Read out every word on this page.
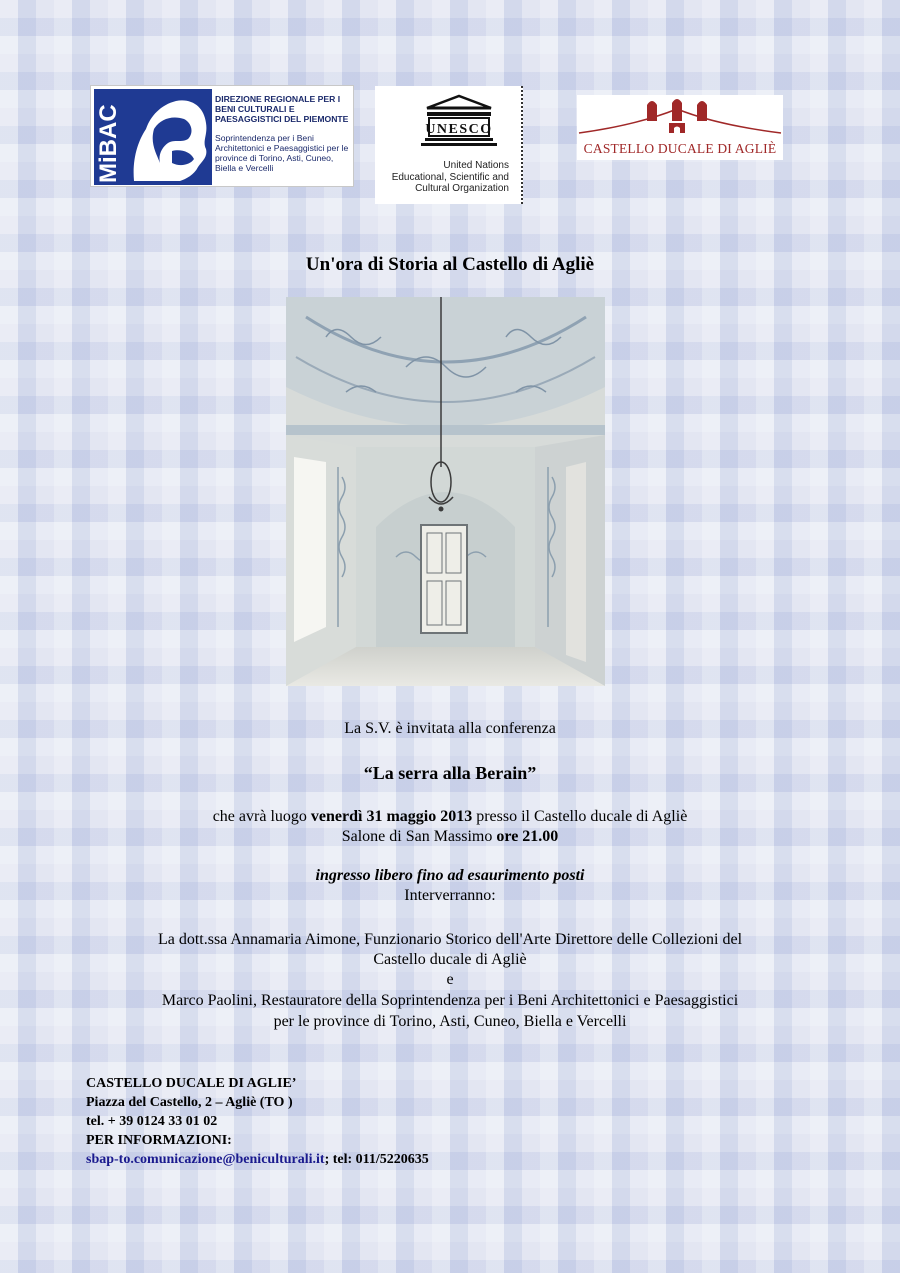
MiBAC
DIREZIONE REGIONALE PER I BENI CULTURALI E PAESAGGISTICI DEL PIEMONTE
Soprintendenza per i Beni Architettonici e Paesaggistici per le province di Torino, Asti, Cuneo, Biella e Vercelli
UNESCO
United Nations
Educational, Scientific and
Cultural Organization
CASTELLO DUCALE DI AGLIÈ
Un'ora di Storia al Castello di Agliè
La S.V. è invitata alla conferenza
“La serra alla Berain”
che avrà luogo venerdì 31 maggio 2013 presso il Castello ducale di Agliè
Salone di San Massimo ore 21.00
ingresso libero fino ad esaurimento posti
Interverranno:
La dott.ssa Annamaria Aimone, Funzionario Storico dell'Arte Direttore delle Collezioni del
Castello ducale di Agliè
e
Marco Paolini, Restauratore della Soprintendenza per i Beni Architettonici e Paesaggistici
per le province di Torino, Asti, Cuneo, Biella e Vercelli
CASTELLO DUCALE DI AGLIE’
Piazza del Castello, 2 – Agliè (TO )
tel. + 39 0124 33 01 02
PER INFORMAZIONI:
sbap-to.comunicazione@beniculturali.it; tel: 011/5220635
